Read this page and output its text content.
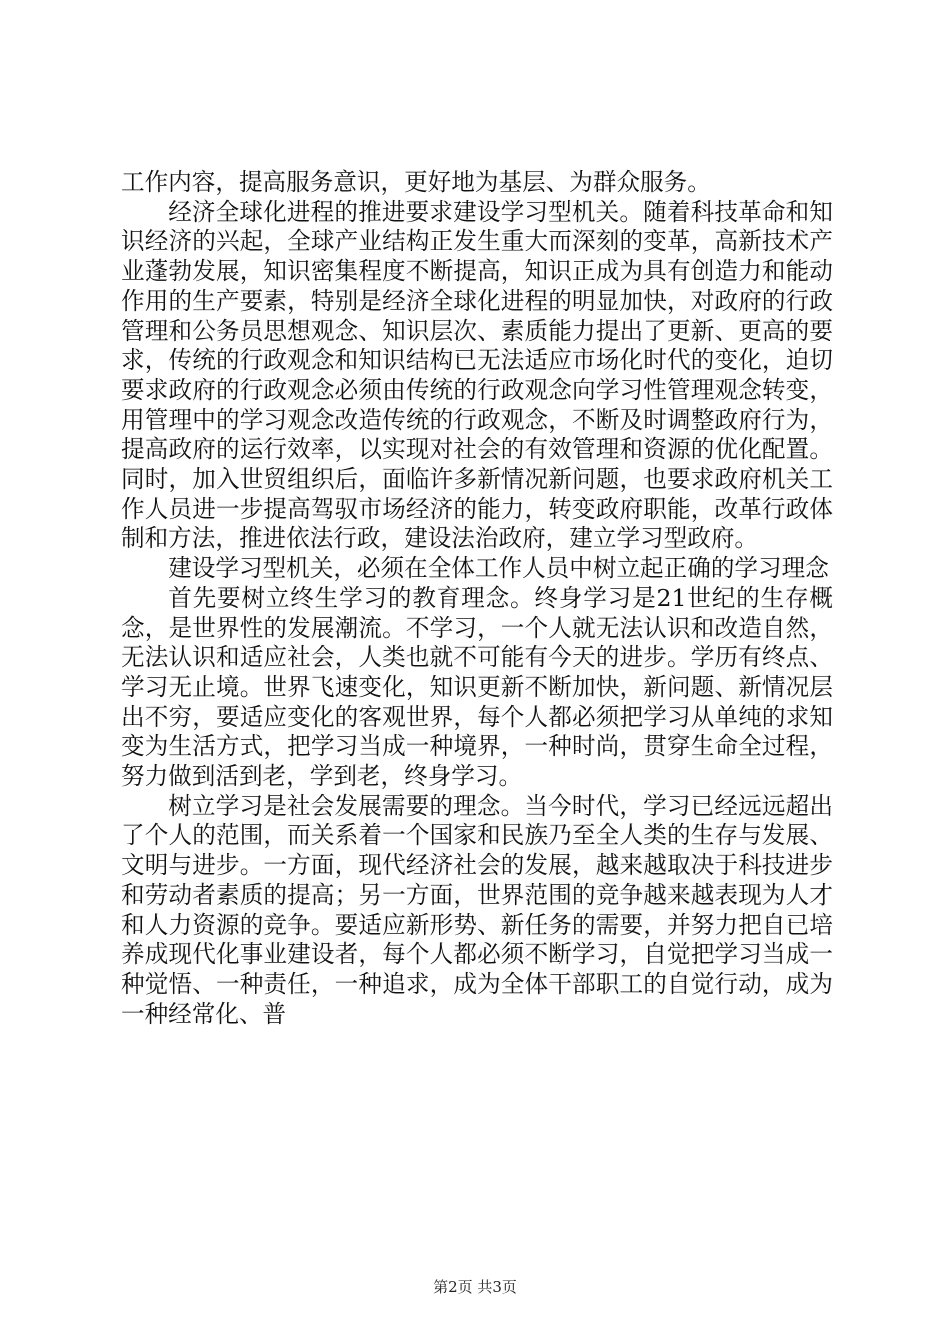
工作内容，提高服务意识，更好地为基层、为群众服务。

经济全球化进程的推进要求建设学习型机关。随着科技革命和知识经济的兴起，全球产业结构正发生重大而深刻的变革，高新技术产业蓬勃发展，知识密集程度不断提高，知识正成为具有创造力和能动作用的生产要素，特别是经济全球化进程的明显加快，对政府的行政管理和公务员思想观念、知识层次、素质能力提出了更新、更高的要求，传统的行政观念和知识结构已无法适应市场化时代的变化，迫切要求政府的行政观念必须由传统的行政观念向学习性管理观念转变，用管理中的学习观念改造传统的行政观念，不断及时调整政府行为，提高政府的运行效率，以实现对社会的有效管理和资源的优化配置。同时，加入世贸组织后，面临许多新情况新问题，也要求政府机关工作人员进一步提高驾驭市场经济的能力，转变政府职能，改革行政体制和方法，推进依法行政，建设法治政府，建立学习型政府。

建设学习型机关，必须在全体工作人员中树立起正确的学习理念

首先要树立终生学习的教育理念。终身学习是21世纪的生存概念，是世界性的发展潮流。不学习，一个人就无法认识和改造自然，无法认识和适应社会，人类也就不可能有今天的进步。学历有终点、学习无止境。世界飞速变化，知识更新不断加快，新问题、新情况层出不穷，要适应变化的客观世界，每个人都必须把学习从单纯的求知变为生活方式，把学习当成一种境界，一种时尚，贯穿生命全过程，努力做到活到老，学到老，终身学习。

树立学习是社会发展需要的理念。当今时代，学习已经远远超出了个人的范围，而关系着一个国家和民族乃至全人类的生存与发展、文明与进步。一方面，现代经济社会的发展，越来越取决于科技进步和劳动者素质的提高；另一方面，世界范围的竞争越来越表现为人才和人力资源的竞争。要适应新形势、新任务的需要，并努力把自已培养成现代化事业建设者，每个人都必须不断学习，自觉把学习当成一种觉悟、一种责任，一种追求，成为全体干部职工的自觉行动，成为一种经常化、普

第2页 共3页
